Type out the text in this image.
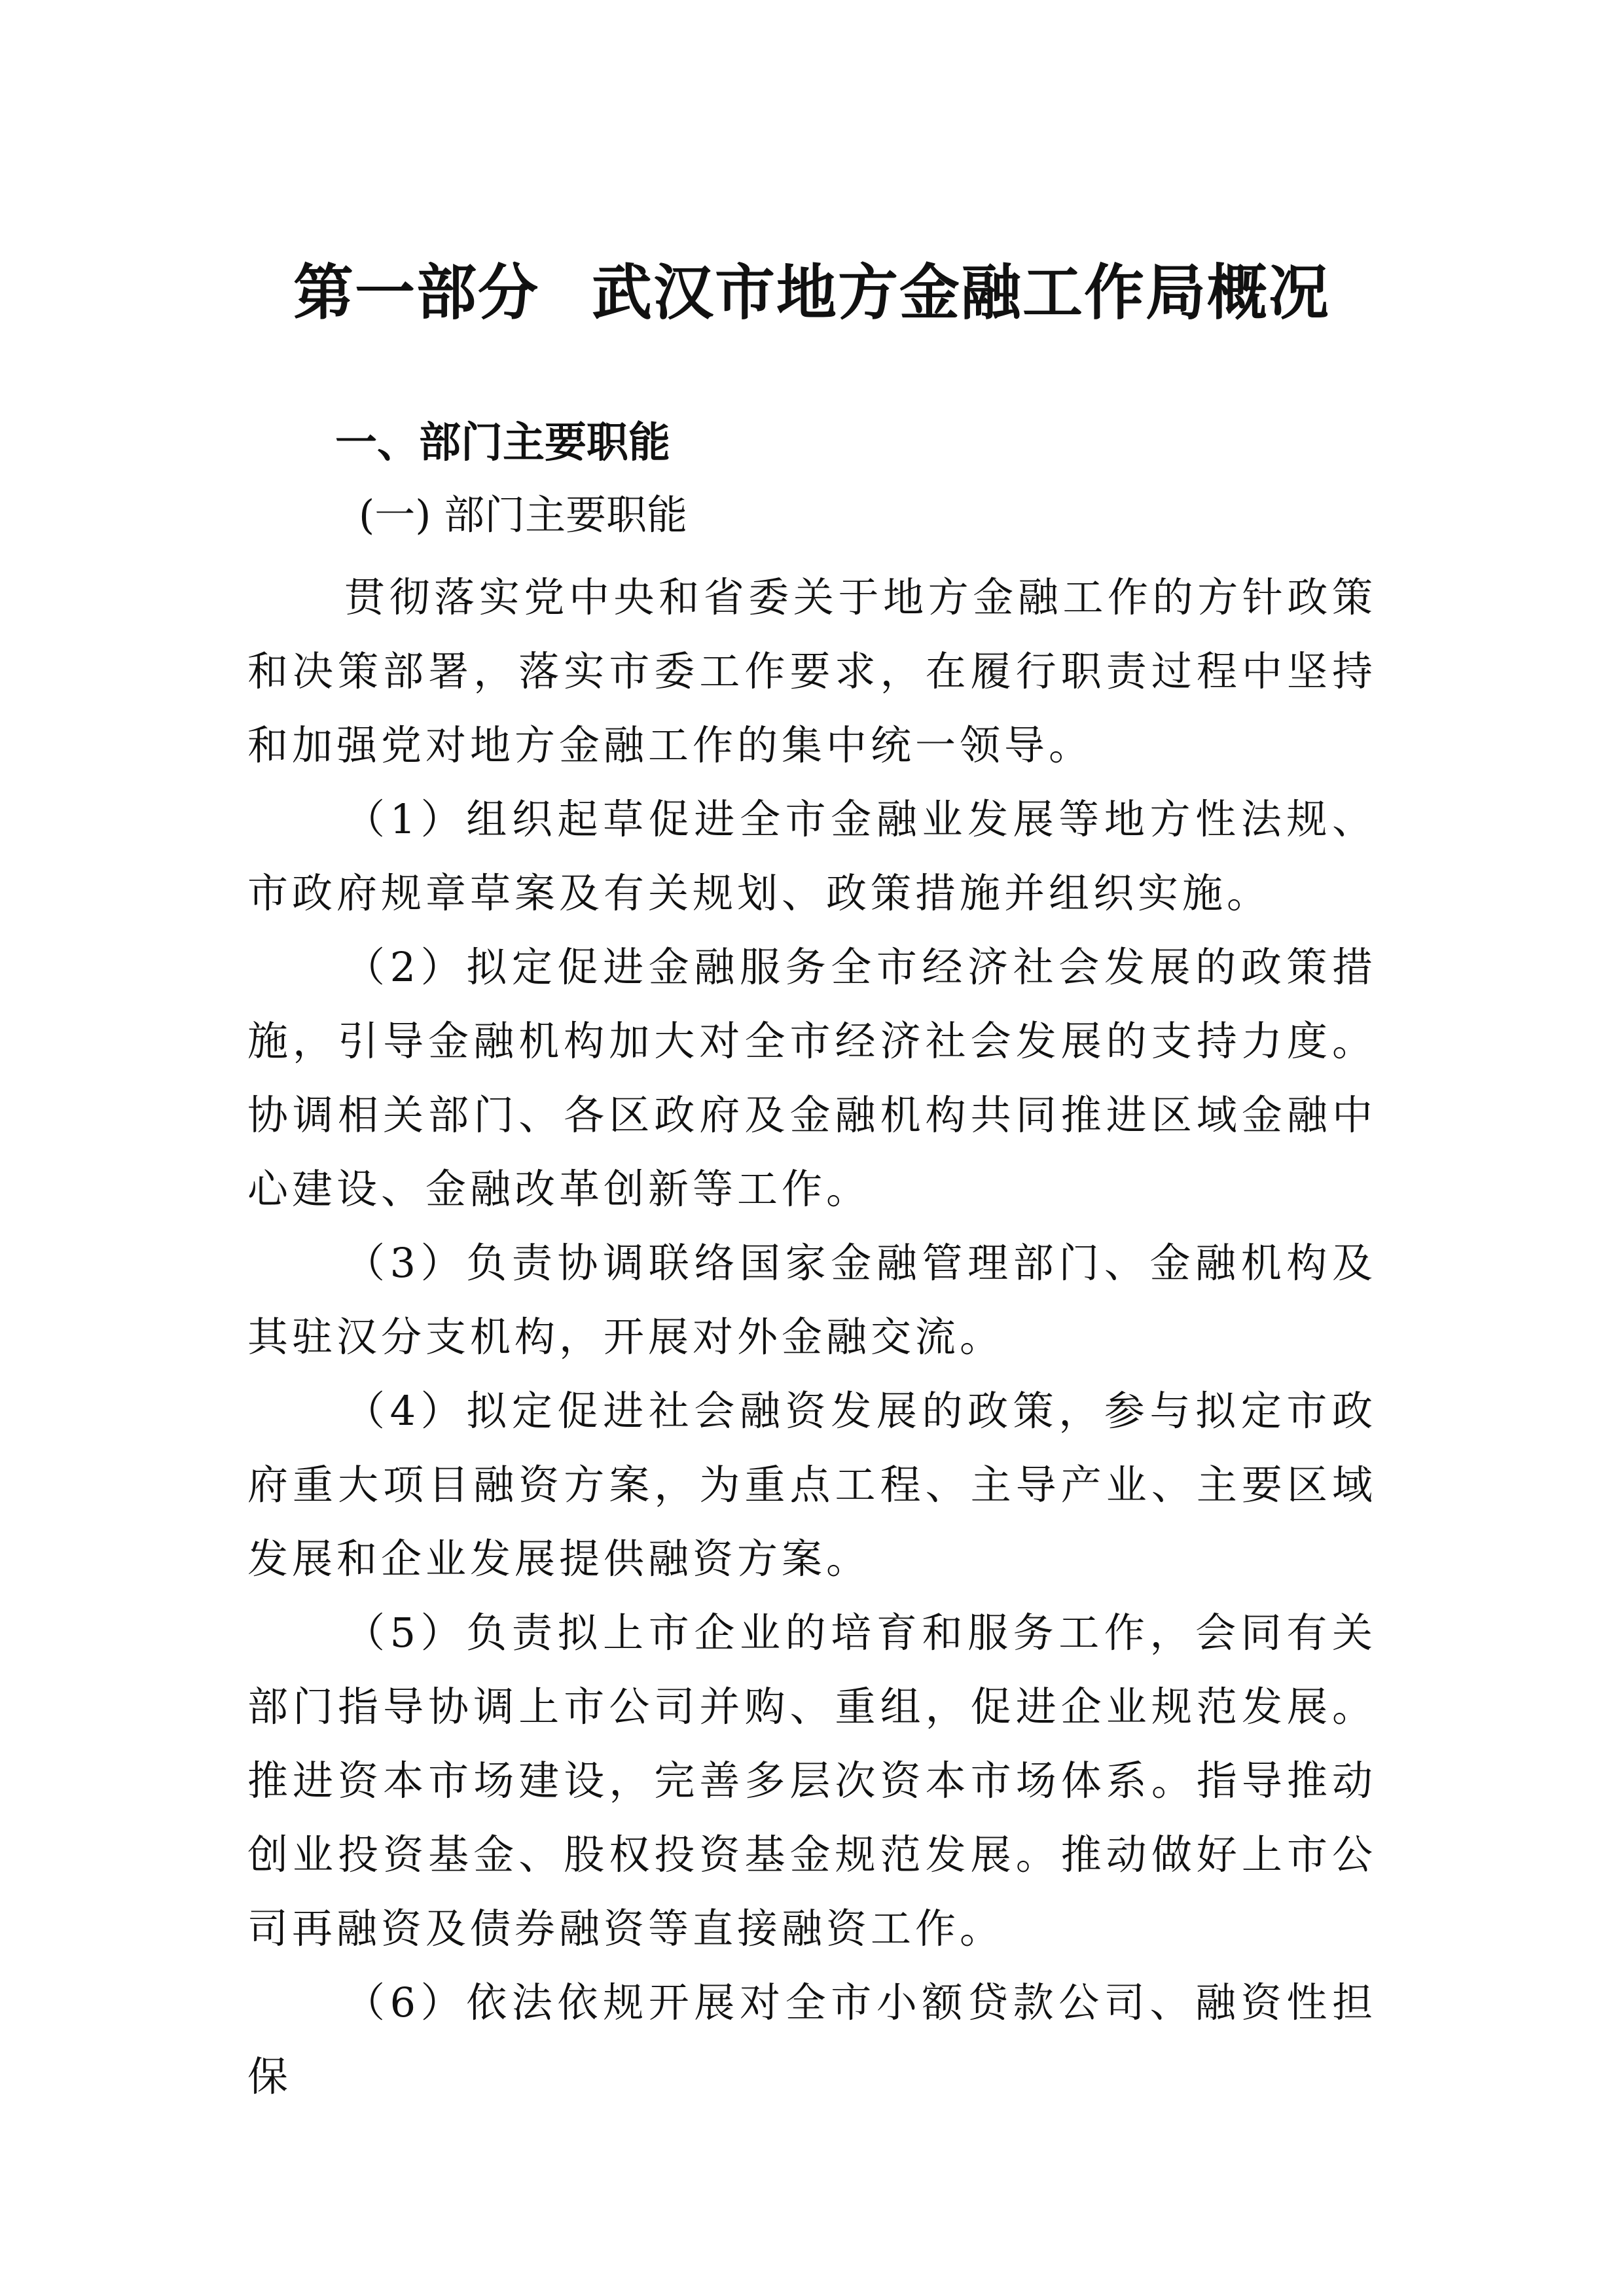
第一部分 武汉市地方金融工作局概况
一、部门主要职能
(一) 部门主要职能

贯彻落实党中央和省委关于地方金融工作的方针政策和决策部署，落实市委工作要求，在履行职责过程中坚持和加强党对地方金融工作的集中统一领导。

（1）组织起草促进全市金融业发展等地方性法规、市政府规章草案及有关规划、政策措施并组织实施。

（2）拟定促进金融服务全市经济社会发展的政策措施，引导金融机构加大对全市经济社会发展的支持力度。协调相关部门、各区政府及金融机构共同推进区域金融中心建设、金融改革创新等工作。

（3）负责协调联络国家金融管理部门、金融机构及其驻汉分支机构，开展对外金融交流。

（4）拟定促进社会融资发展的政策，参与拟定市政府重大项目融资方案，为重点工程、主导产业、主要区域发展和企业发展提供融资方案。

（5）负责拟上市企业的培育和服务工作，会同有关部门指导协调上市公司并购、重组，促进企业规范发展。推进资本市场建设，完善多层次资本市场体系。指导推动创业投资基金、股权投资基金规范发展。推动做好上市公司再融资及债券融资等直接融资工作。

（6）依法依规开展对全市小额贷款公司、融资性担保
